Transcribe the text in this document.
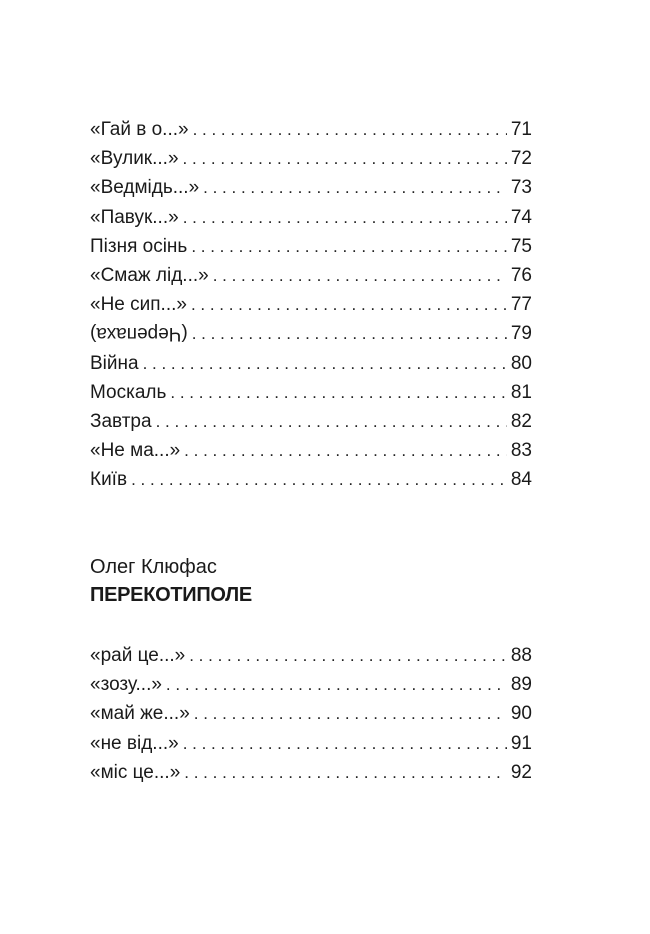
«Гай в о...» . . .	71
«Вулик...» . . .	72
«Ведмідь...» . . .	73
«Павук...» . . .	74
Пізня осінь . . .	75
«Смаж лід...» . . .	76
«Не сип...» . . .	77
(Черепаха) . . .	79
Війна . . .	80
Москаль . . .	81
Завтра . . .	82
«Не ма...» . . .	83
Київ . . .	84
Олег Клюфас
ПЕРЕКОТИПОЛЕ
«рай це...» . . .	88
«зозу...» . . .	89
«май же...» . . .	90
«не від...» . . .	91
«міс це...» . . .	92
